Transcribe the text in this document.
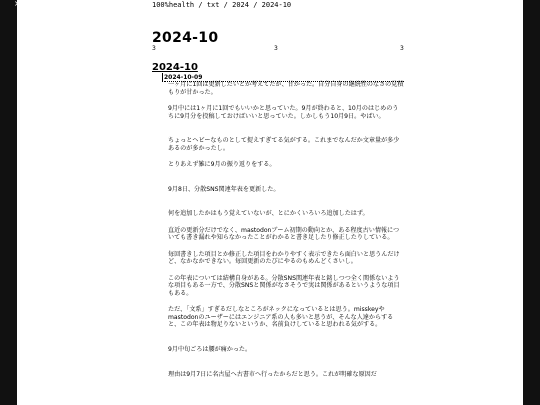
×	100%health / txt / 2024 / 2024-10
2024-10
3	3	3
2024-10
2024-10-09

一ヶ月に1回は更新したいとか考えてたが、甘かった。自分自身の継続性のなさの見積もりが甘かった。

9月中には1ヶ月に1回でもいいかと思っていた。9月が終わると、10月のはじめのうちに9月分を投稿しておけばいいと思っていた。しかしもう10月9日。やばい。

ちょっとヘビーなものとして捉えすぎてる気がする。これまでなんだか文章量が多少あるのが多かったし。

とりあえず雑に9月の振り返りをする。

9月8日、分散SNS関連年表を更新した。

何を追加したかはもう覚えていないが、とにかくいろいろ追加したはず。

直近の更新分だけでなく、mastodonブーム初期の動向とか、ある程度古い情報についても書き漏れや知らなかったことがわかると書き足したり修正したりしている。

毎回書きした項目とか修正した項目をわかりやすく表示できたら面白いと思うんだけど、なかなかできない。毎回更新のたびにやるのもめんどくさいし。

この年表については結構自身がある。分散SNS関連年表と銘しつつ全く関係ないような項目もある一方で、分散SNSと関係がなさそうで実は関係があるというような項目もある。

ただ、「文系」すぎるだしなところがネックになっているとは思う。misskeyやmastodonのユーザーにはエンジニア系の人も多いと思うが、そんな人達からすると、この年表は物足りないというか、名前負けしていると思われる気がする。

9月中旬ごろは腰が痛かった。

理由は9月7日に名古屋へ古書市へ行ったからだと思う。これが明確な原因だ
